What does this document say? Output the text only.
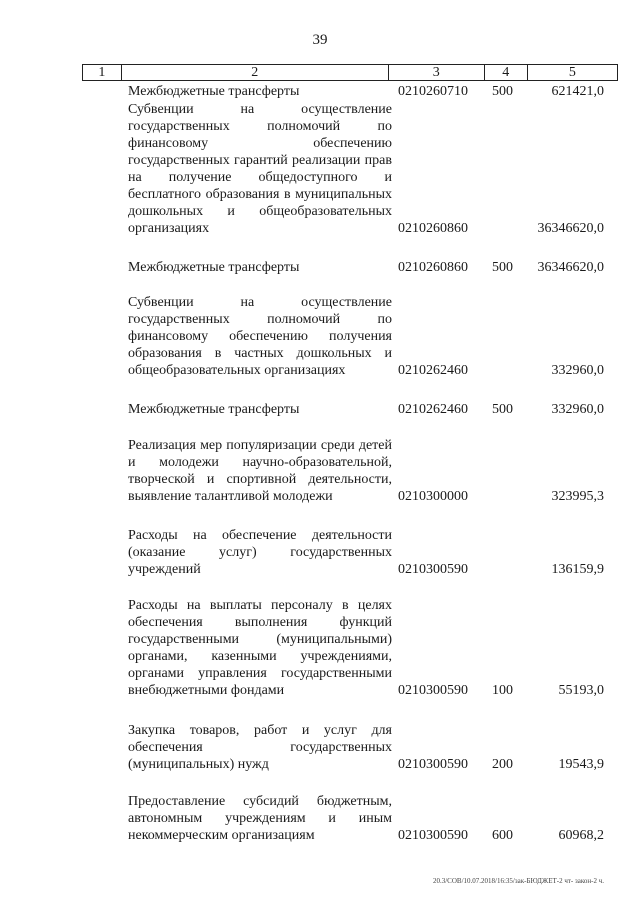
39
1	2	3	4	5
Межбюджетные трансферты	0210260710 500	621421,0
Субвенции на осуществление государственных полномочий по финансовому обеспечению государственных гарантий реализации прав на получение общедоступного и бесплатного образования в муниципальных дошкольных и общеобразовательных организациях	0210260860	36346620,0
Межбюджетные трансферты	0210260860 500 36346620,0
Субвенции на осуществление государственных полномочий по финансовому обеспечению получения образования в частных дошкольных и общеобразовательных организациях	0210262460	332960,0
Межбюджетные трансферты	0210262460 500	332960,0
Реализация мер популяризации среди детей и молодежи научно-образовательной, творческой и спортивной деятельности, выявление талантливой молодежи	0210300000	323995,3
Расходы на обеспечение деятельности (оказание услуг) государственных учреждений	0210300590	136159,9
Расходы на выплаты персоналу в целях обеспечения выполнения функций государственными (муниципальными) органами, казенными учреждениями, органами управления государственными внебюджетными фондами	0210300590 100	55193,0
Закупка товаров, работ и услуг для обеспечения государственных (муниципальных) нужд	0210300590 200	19543,9
Предоставление субсидий бюджетным, автономным учреждениям и иным некоммерческим организациям	0210300590 600	60968,2
20.3/СОВ/10.07.2018/16:35/зак-БЮДЖЕТ-2 чт- закон-2 ч.
